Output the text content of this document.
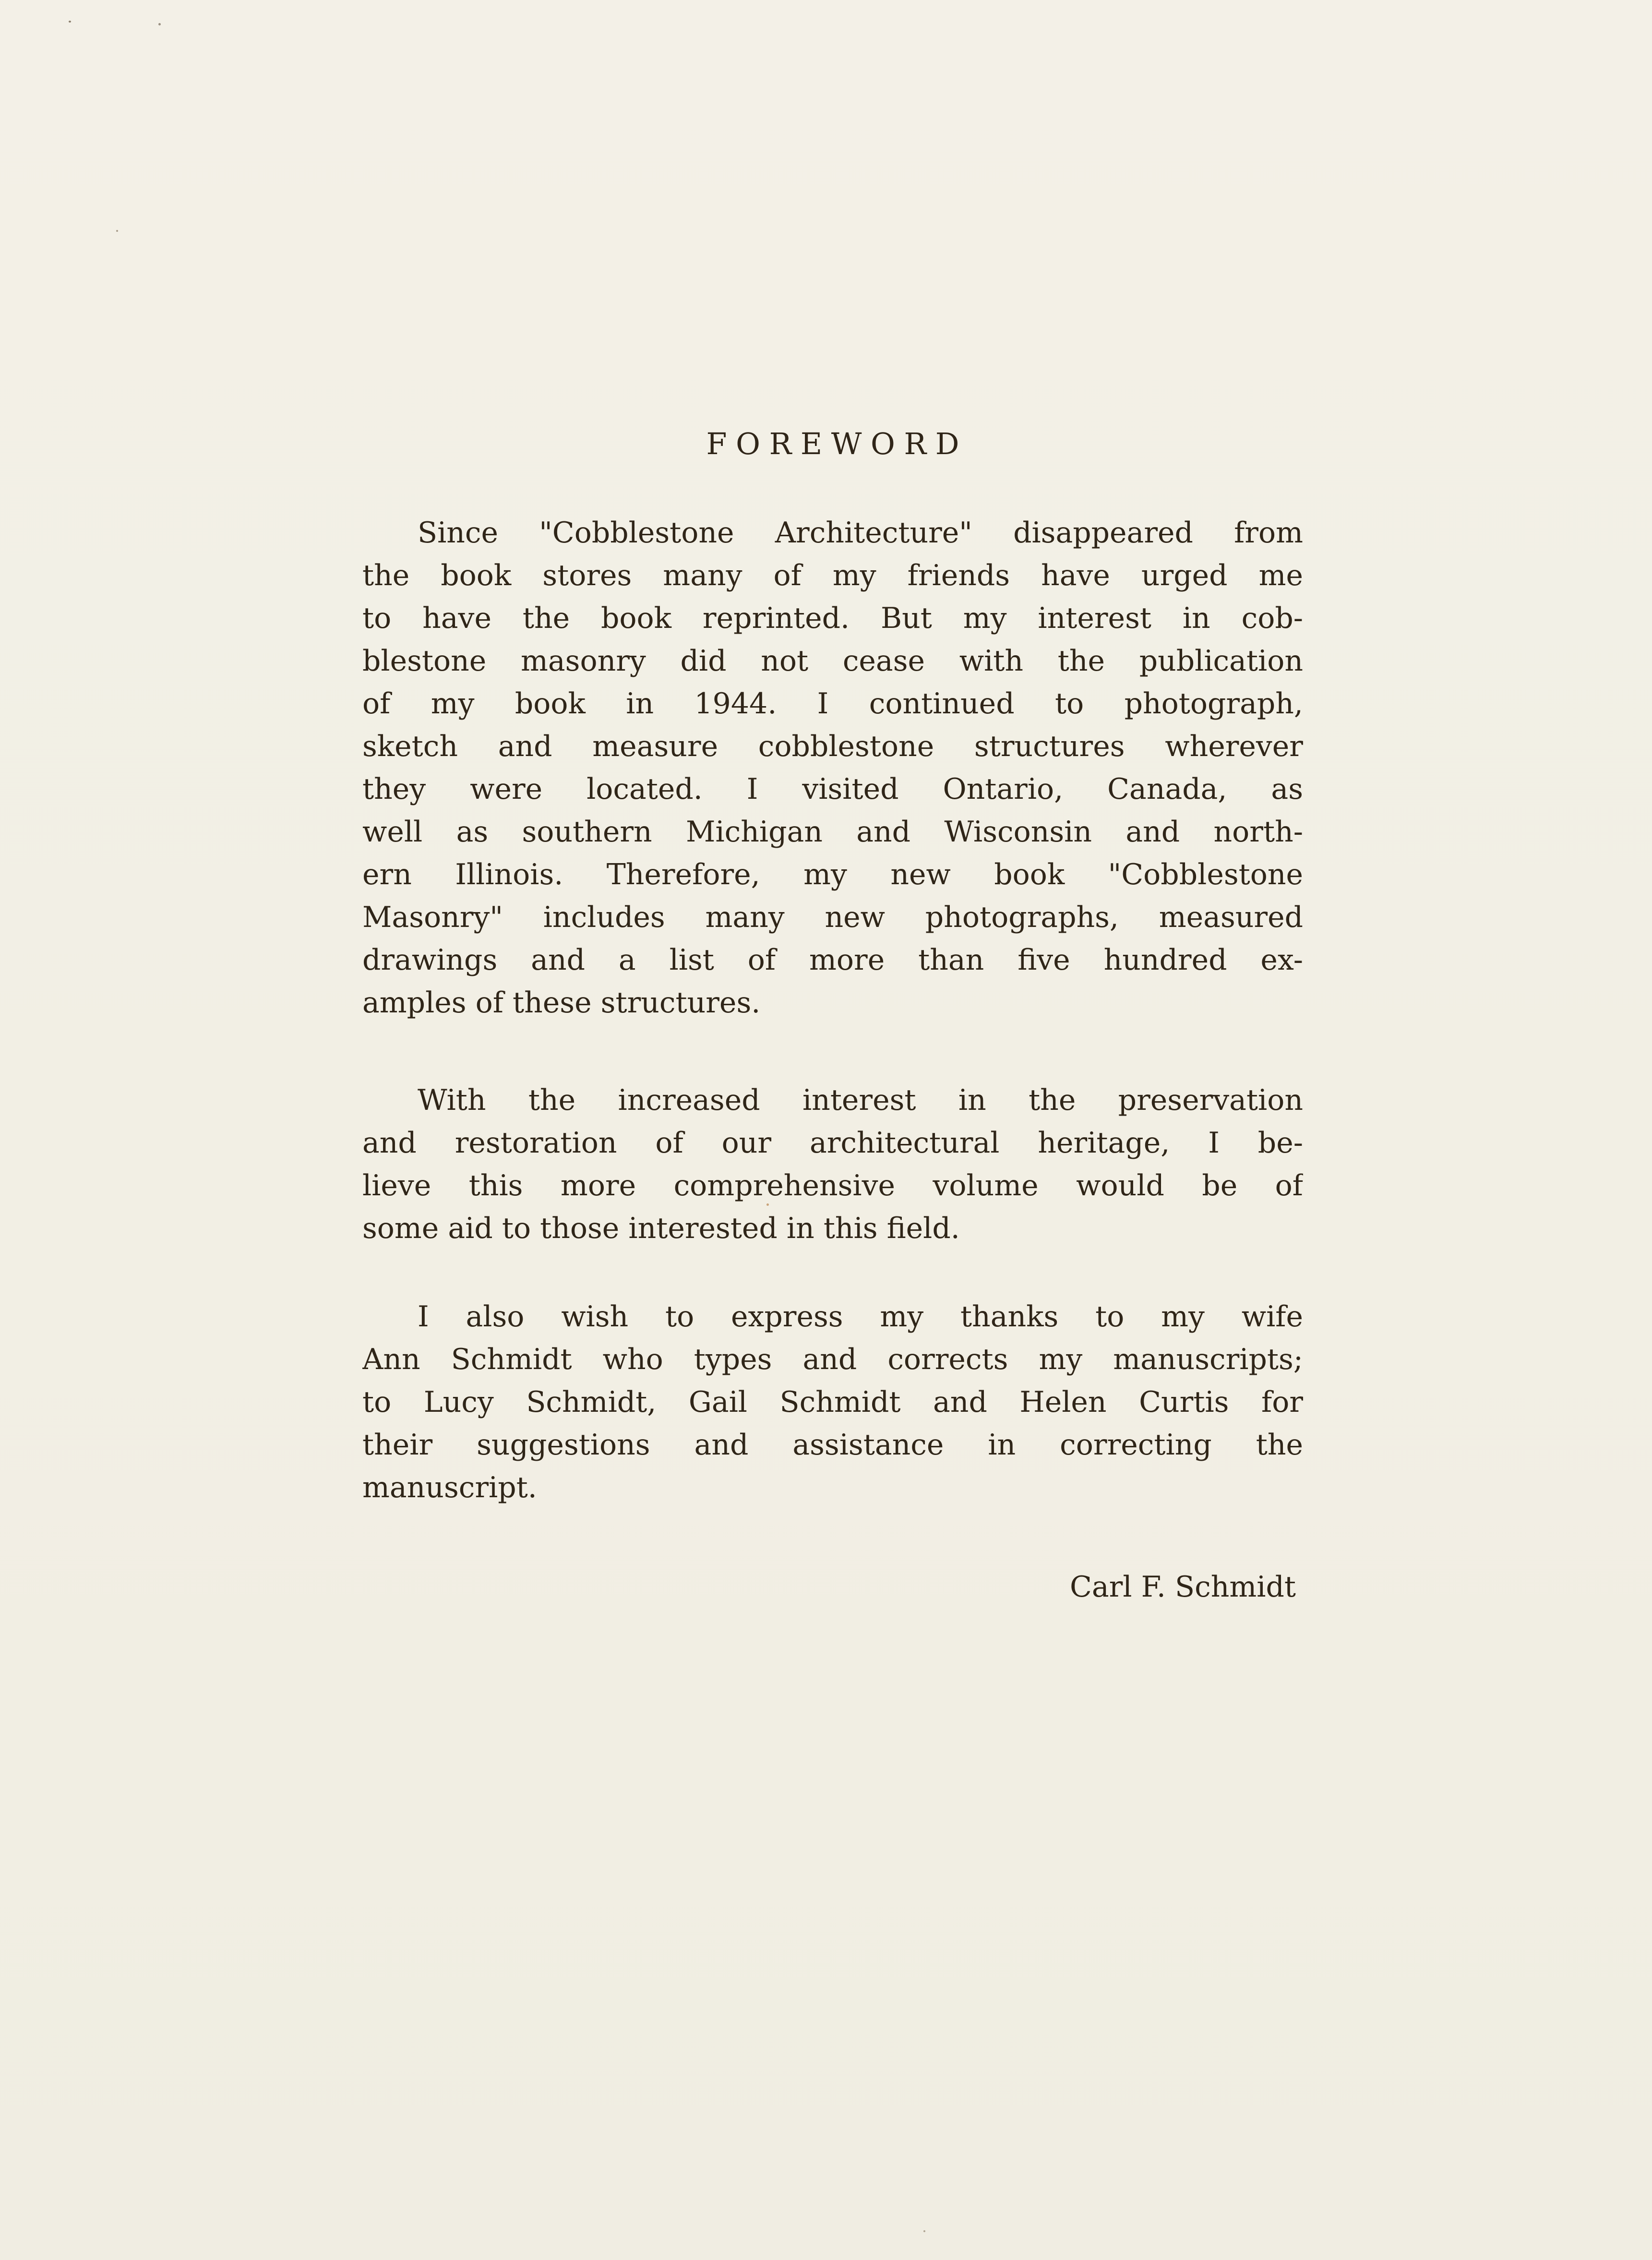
FOREWORD
Since "Cobblestone Architecture" disappeared from
the book stores many of my friends have urged me
to have the book reprinted. But my interest in cob-
blestone masonry did not cease with the publication
of my book in 1944. I continued to photograph,
sketch and measure cobblestone structures wherever
they were located. I visited Ontario, Canada, as
well as southern Michigan and Wisconsin and north-
ern Illinois. Therefore, my new book "Cobblestone
Masonry" includes many new photographs, measured
drawings and a list of more than five hundred ex-
amples of these structures.
With the increased interest in the preservation
and restoration of our architectural heritage, I be-
lieve this more comprehensive volume would be of
some aid to those interested in this field.
I also wish to express my thanks to my wife
Ann Schmidt who types and corrects my manuscripts;
to Lucy Schmidt, Gail Schmidt and Helen Curtis for
their suggestions and assistance in correcting the
manuscript.
Carl F. Schmidt
